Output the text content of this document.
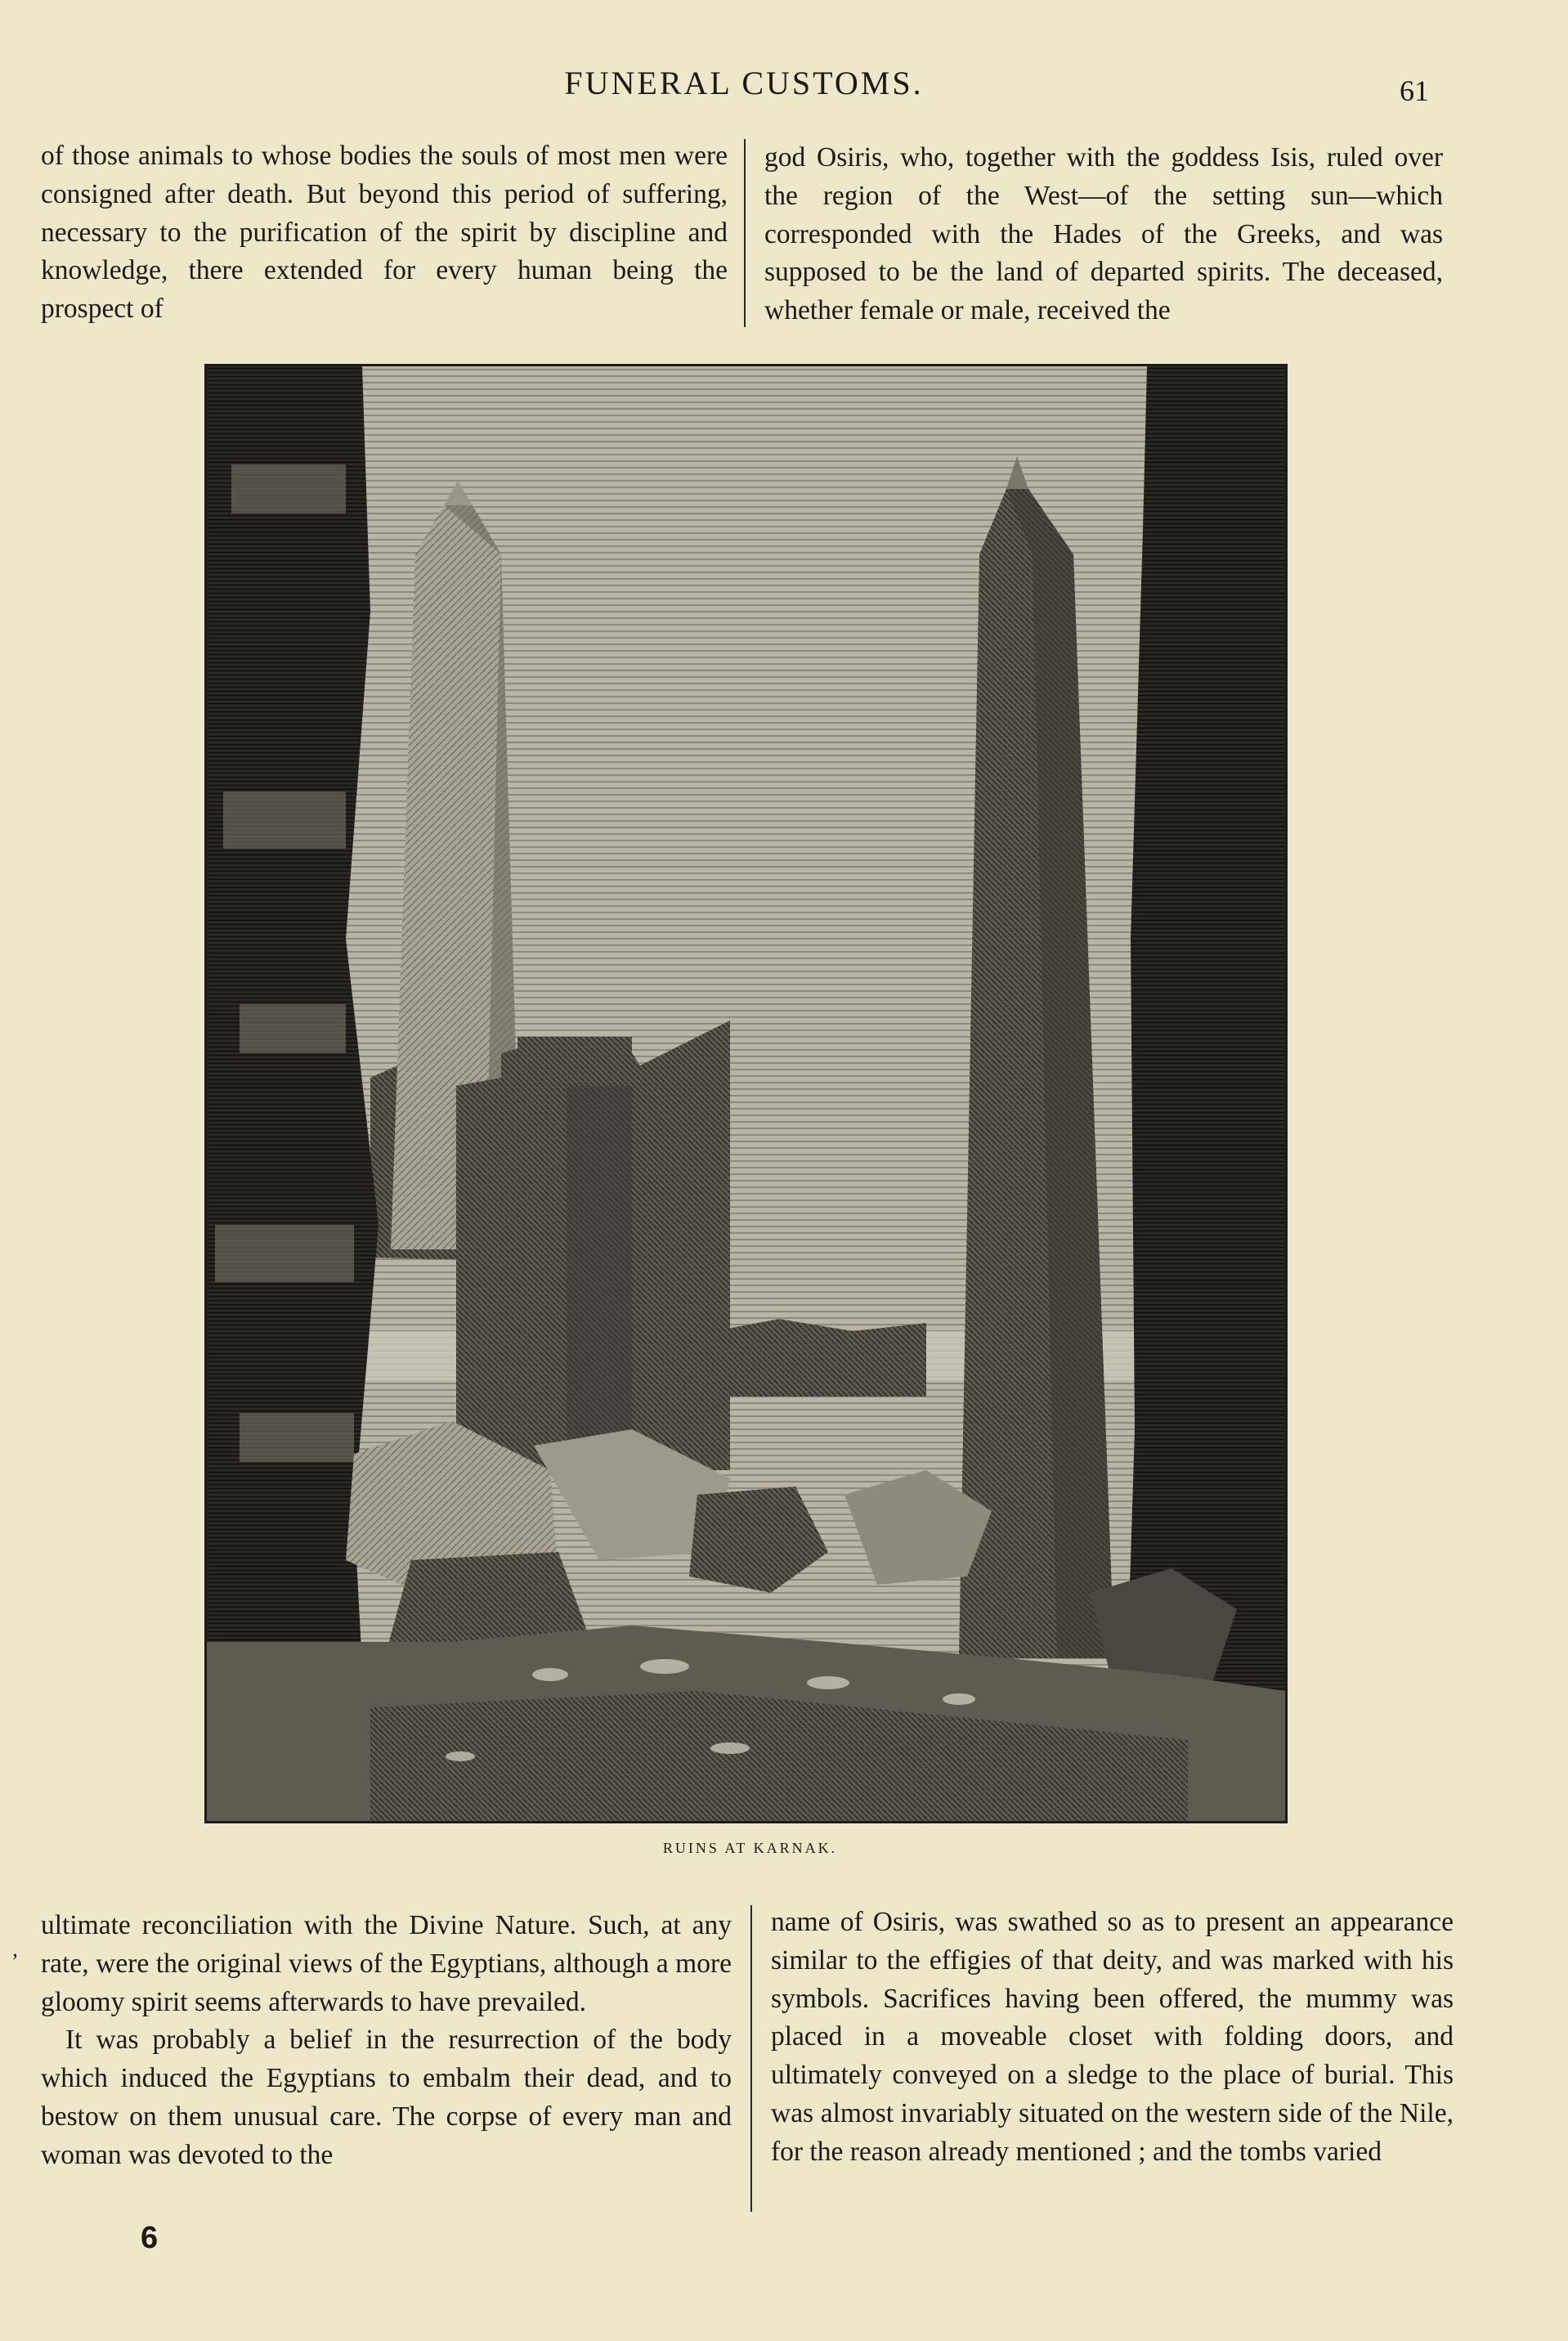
FUNERAL CUSTOMS.	61

of those animals to whose bodies the souls of most men were consigned after death. But beyond this period of suffering, necessary to the purification of the spirit by discipline and knowledge, there extended for every human being the prospect of

god Osiris, who, together with the goddess Isis, ruled over the region of the West—of the setting sun—which corresponded with the Hades of the Greeks, and was supposed to be the land of departed spirits. The deceased, whether female or male, received the

RUINS AT KARNAK.

ultimate reconciliation with the Divine Nature. Such, at any rate, were the original views of the Egyptians, although a more gloomy spirit seems afterwards to have prevailed.

It was probably a belief in the resurrection of the body which induced the Egyptians to embalm their dead, and to bestow on them unusual care. The corpse of every man and woman was devoted to the

name of Osiris, was swathed so as to present an appearance similar to the effigies of that deity, and was marked with his symbols. Sacrifices having been offered, the mummy was placed in a moveable closet with folding doors, and ultimately conveyed on a sledge to the place of burial. This was almost invariably situated on the western side of the Nile, for the reason already mentioned ; and the tombs varied

’
6
